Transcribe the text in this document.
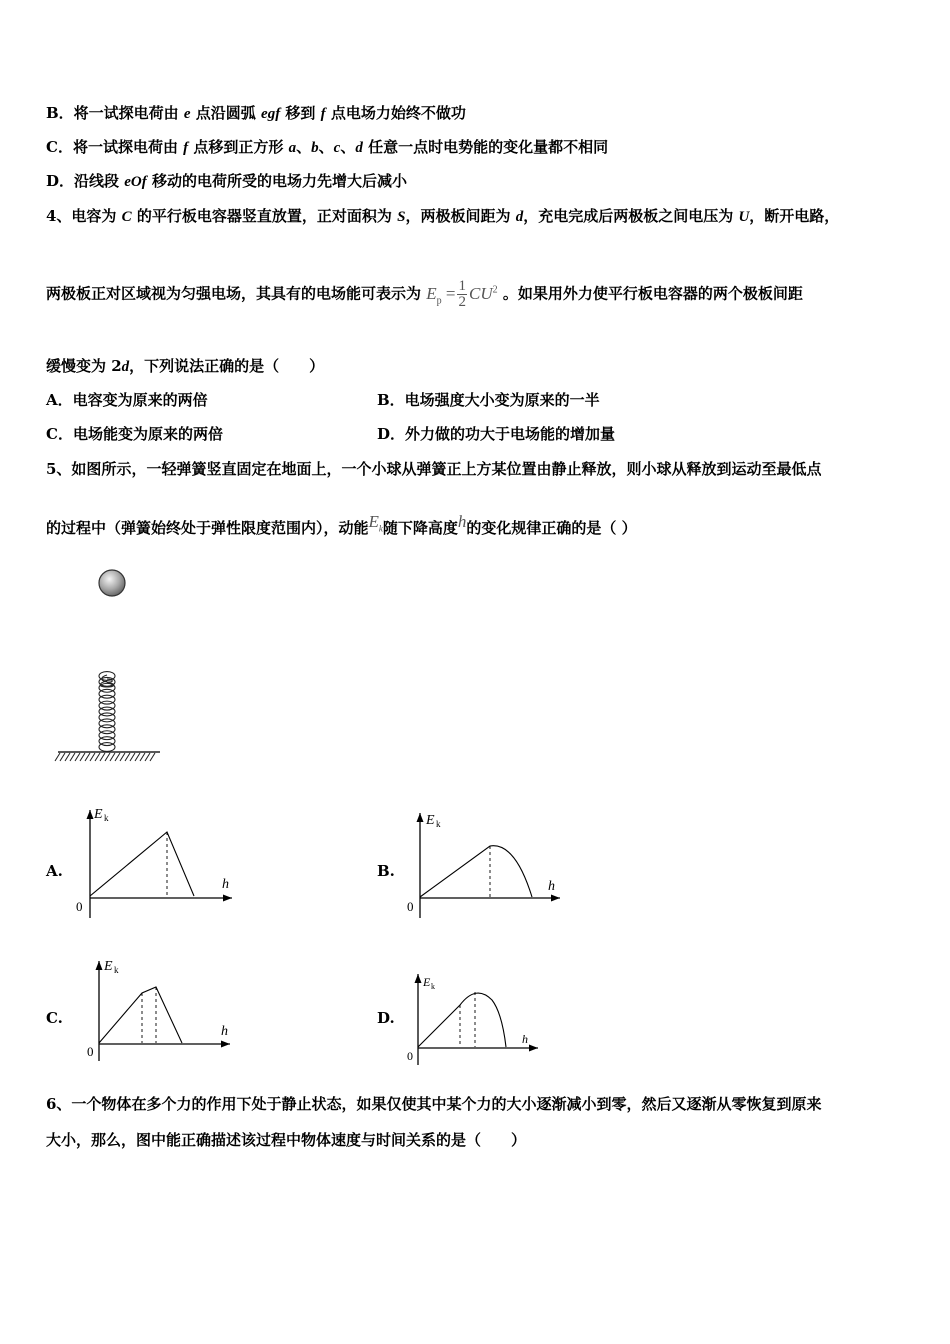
B．将一试探电荷由 e 点沿圆弧 egf 移到 f 点电场力始终不做功
C．将一试探电荷由 f 点移到正方形 a、b、c、d 任意一点时电势能的变化量都不相同
D．沿线段 eOf 移动的电荷所受的电场力先增大后减小
4、电容为 C 的平行板电容器竖直放置，正对面积为 S，两极板间距为 d，充电完成后两极板之间电压为 U，断开电路，
两极板正对区域视为匀强电场，其具有的电场能可表示为 $E_p = \frac{1}{2} CU^2$ 。如果用外力使平行板电容器的两个极板间距
缓慢变为 2d，下列说法正确的是（　　）
A．电容变为原来的两倍	B．电场强度大小变为原来的一半
C．电场能变为原来的两倍	D．外力做的功大于电场能的增加量
5、如图所示，一轻弹簧竖直固定在地面上，一个小球从弹簧正上方某位置由静止释放，则小球从释放到运动至最低点
的过程中（弹簧始终处于弹性限度范围内），动能$E_k$随下降高度h的变化规律正确的是（ ）
A.
E k
h
0
B.
E k
h
0
C.
E k
h
0
D.
E k
h
0
6、一个物体在多个力的作用下处于静止状态，如果仅使其中某个力的大小逐渐减小到零，然后又逐渐从零恢复到原来
大小，那么，图中能正确描述该过程中物体速度与时间关系的是（　　）
